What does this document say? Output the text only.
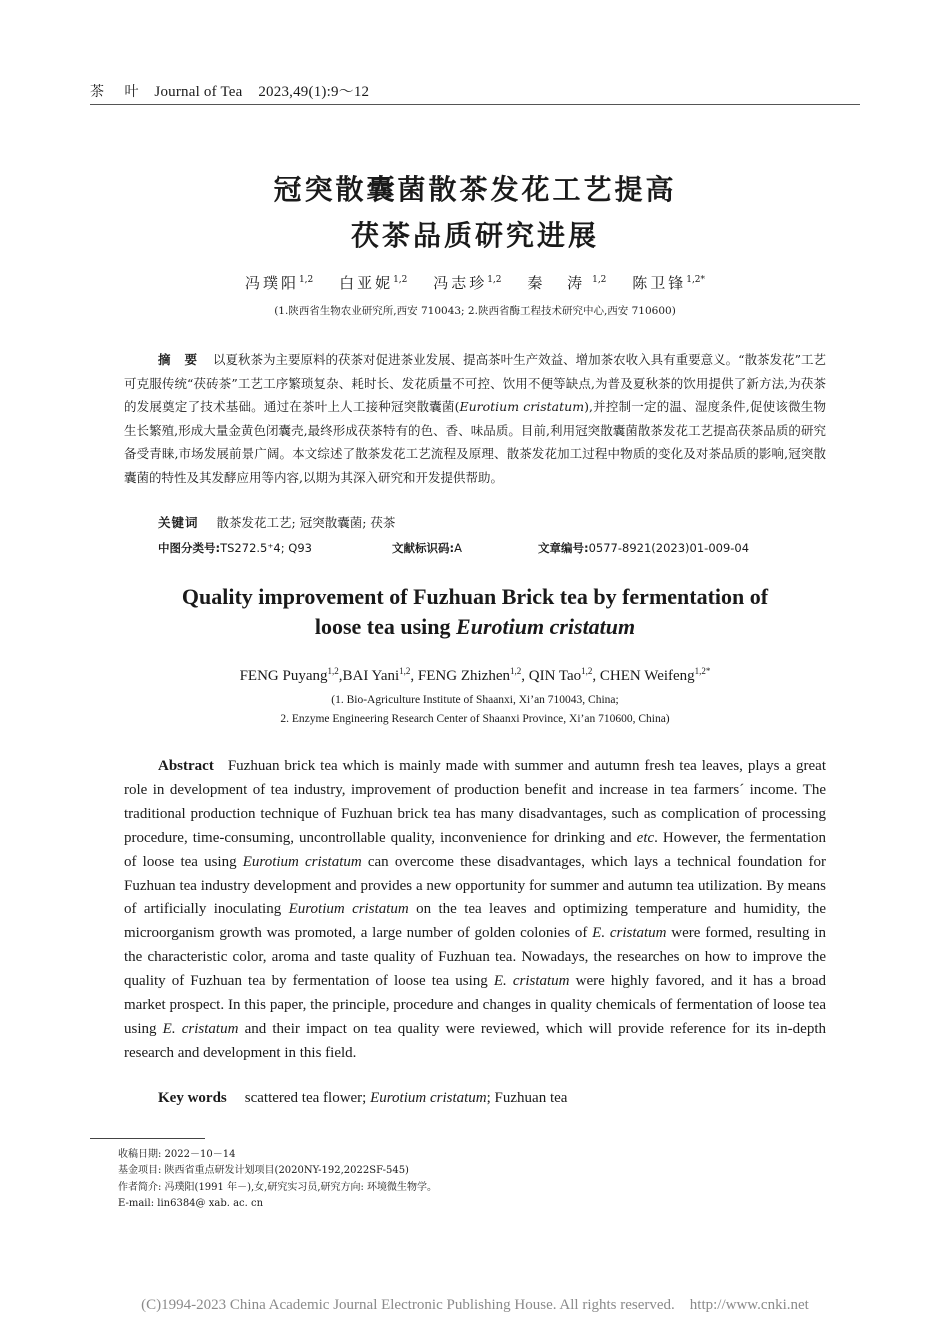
茶 叶 Journal of Tea 2023,49(1):9～12
冠突散囊菌散茶发花工艺提高
茯茶品质研究进展
冯璞阳$^{1,2}$ 白亚妮$^{1,2}$ 冯志珍$^{1,2}$ 秦 涛$^{1,2}$ 陈卫锋$^{1,2*}$
(1.陕西省生物农业研究所,西安 710043; 2.陕西省酶工程技术研究中心,西安 710600)
摘要 以夏秋茶为主要原料的茯茶对促进茶业发展、提高茶叶生产效益、增加茶农收入具有重要意义。“散茶发花”工艺可克服传统“茯砖茶”工艺工序繁琐复杂、耗时长、发花质量不可控、饮用不便等缺点,为普及夏秋茶的饮用提供了新方法,为茯茶的发展奠定了技术基础。通过在茶叶上人工接种冠突散囊菌(Eurotium cristatum),并控制一定的温、湿度条件,促使该微生物生长繁殖,形成大量金黄色闭囊壳,最终形成茯茶特有的色、香、味品质。目前,利用冠突散囊菌散茶发花工艺提高茯茶品质的研究备受青睐,市场发展前景广阔。本文综述了散茶发花工艺流程及原理、散茶发花加工过程中物质的变化及对茶品质的影响,冠突散囊菌的特性及其发酵应用等内容,以期为其深入研究和开发提供帮助。
关键词 散茶发花工艺; 冠突散囊菌; 茯茶
中图分类号:TS272.5⁺4; Q93	文献标识码:A	文章编号:0577-8921(2023)01-009-04
Quality improvement of Fuzhuan Brick tea by fermentation of
loose tea using Eurotium cristatum
FENG Puyang$^{1,2}$,BAI Yani$^{1,2}$, FENG Zhizhen$^{1,2}$, QIN Tao$^{1,2}$, CHEN Weifeng$^{1,2*}$
(1. Bio-Agriculture Institute of Shaanxi, Xi’an 710043, China;
2. Enzyme Engineering Research Center of Shaanxi Province, Xi’an 710600, China)
Abstract Fuzhuan brick tea which is mainly made with summer and autumn fresh tea leaves, plays a great role in development of tea industry, improvement of production benefit and increase in tea farmers´ income. The traditional production technique of Fuzhuan brick tea has many disadvantages, such as complication of processing procedure, time-consuming, uncontrollable quality, inconvenience for drinking and etc. However, the fermentation of loose tea using Eurotium cristatum can overcome these disadvantages, which lays a technical foundation for Fuzhuan tea industry development and provides a new opportunity for summer and autumn tea utilization. By means of artificially inoculating Eurotium cristatum on the tea leaves and optimizing temperature and humidity, the microorganism growth was promoted, a large number of golden colonies of E. cristatum were formed, resulting in the characteristic color, aroma and taste quality of Fuzhuan tea. Nowadays, the researches on how to improve the quality of Fuzhuan tea by fermentation of loose tea using E. cristatum were highly favored, and it has a broad market prospect. In this paper, the principle, procedure and changes in quality chemicals of fermentation of loose tea using E. cristatum and their impact on tea quality were reviewed, which will provide reference for its in-depth research and development in this field.
Key words scattered tea flower; Eurotium cristatum; Fuzhuan tea
收稿日期: 2022－10－14
基金项目: 陕西省重点研发计划项目(2020NY-192,2022SF-545)
作者简介: 冯璞阳(1991 年－),女,研究实习员,研究方向: 环境微生物学。
E-mail: lin6384@ xab. ac. cn
(C)1994-2023 China Academic Journal Electronic Publishing House. All rights reserved.    http://www.cnki.net
